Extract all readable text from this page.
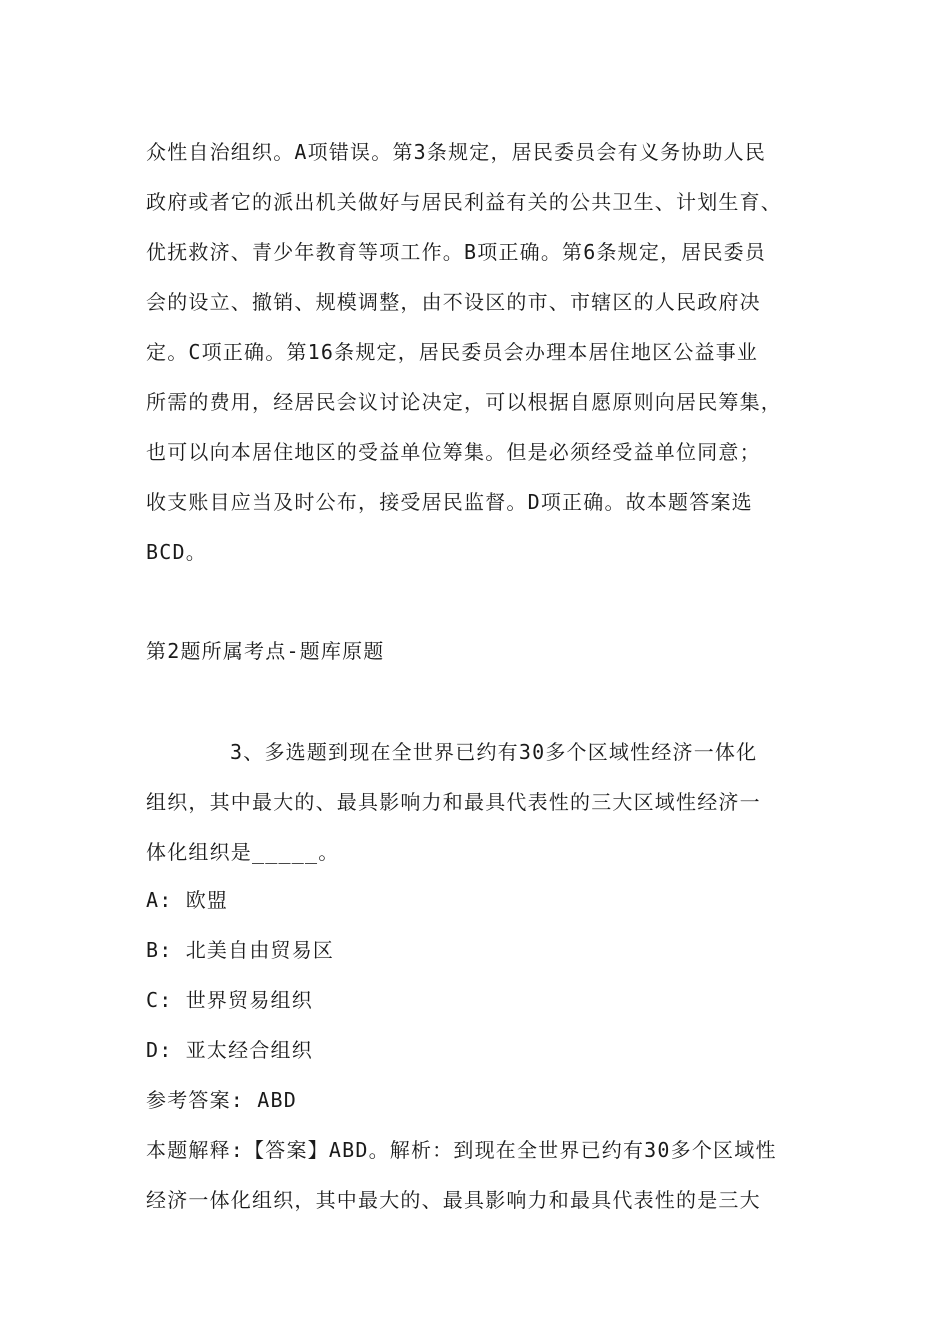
众性自治组织。A项错误。第3条规定，居民委员会有义务协助人民
政府或者它的派出机关做好与居民利益有关的公共卫生、计划生育、
优抚救济、青少年教育等项工作。B项正确。第6条规定，居民委员
会的设立、撤销、规模调整，由不设区的市、市辖区的人民政府决
定。C项正确。第16条规定，居民委员会办理本居住地区公益事业
所需的费用，经居民会议讨论决定，可以根据自愿原则向居民筹集，
也可以向本居住地区的受益单位筹集。但是必须经受益单位同意；
收支账目应当及时公布，接受居民监督。D项正确。故本题答案选
BCD。
第2题所属考点-题库原题
3、多选题到现在全世界已约有30多个区域性经济一体化
组织，其中最大的、最具影响力和最具代表性的三大区域性经济一
体化组织是_____。
A: 欧盟
B: 北美自由贸易区
C: 世界贸易组织
D: 亚太经合组织
参考答案: ABD
本题解释:【答案】ABD。解析：到现在全世界已约有30多个区域性
经济一体化组织，其中最大的、最具影响力和最具代表性的是三大
